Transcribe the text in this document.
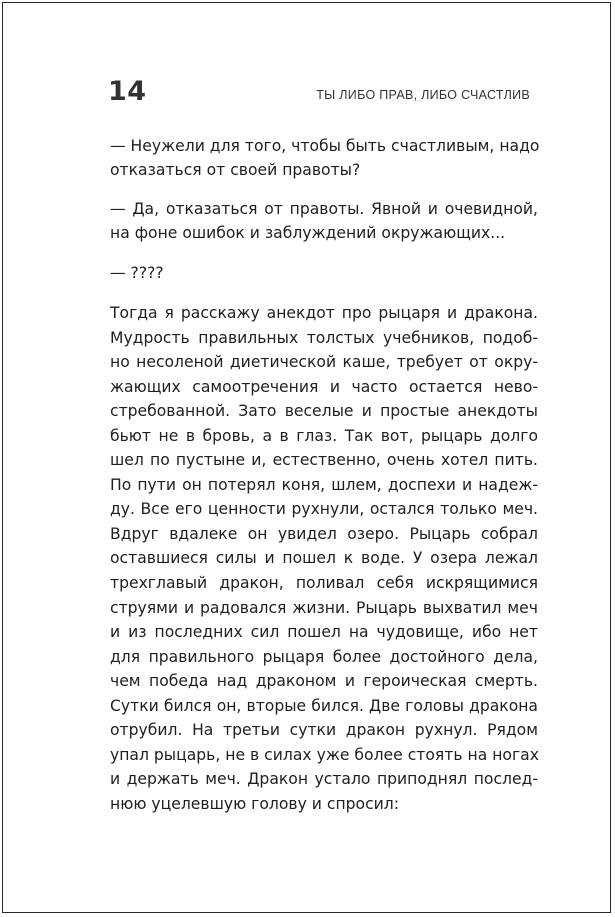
14	ТЫ ЛИБО ПРАВ, ЛИБО СЧАСТЛИВ
— Неужели для того, чтобы быть счастливым, надо
отказаться от своей правоты?
— Да, отказаться от правоты. Явной и очевидной,
на фоне ошибок и заблуждений окружающих...
— ????
Тогда я расскажу анекдот про рыцаря и дракона.
Мудрость правильных толстых учебников, подоб-
но несоленой диетической каше, требует от окру-
жающих самоотречения и часто остается нево-
стребованной. Зато веселые и простые анекдоты
бьют не в бровь, а в глаз. Так вот, рыцарь долго
шел по пустыне и, естественно, очень хотел пить.
По пути он потерял коня, шлем, доспехи и надеж-
ду. Все его ценности рухнули, остался только меч.
Вдруг вдалеке он увидел озеро. Рыцарь собрал
оставшиеся силы и пошел к воде. У озера лежал
трехглавый дракон, поливал себя искрящимися
струями и радовался жизни. Рыцарь выхватил меч
и из последних сил пошел на чудовище, ибо нет
для правильного рыцаря более достойного дела,
чем победа над драконом и героическая смерть.
Сутки бился он, вторые бился. Две головы дракона
отрубил. На третьи сутки дракон рухнул. Рядом
упал рыцарь, не в силах уже более стоять на ногах
и держать меч. Дракон устало приподнял послед-
нюю уцелевшую голову и спросил:
